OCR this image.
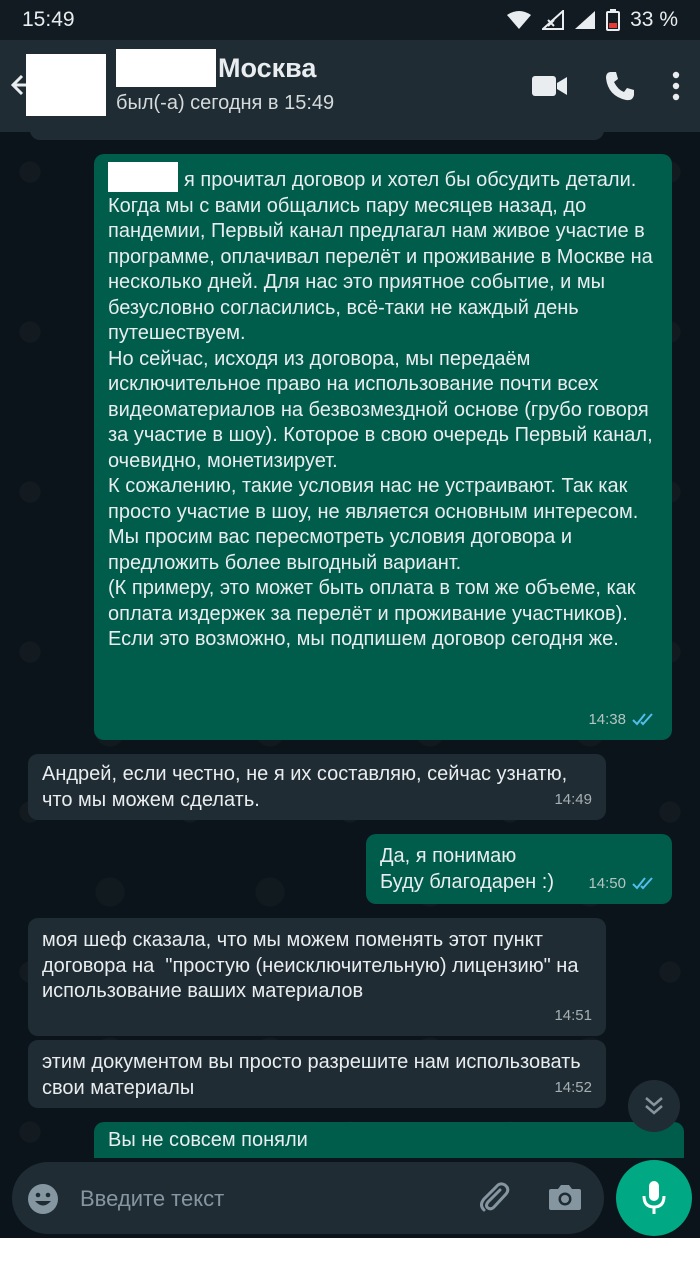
15:49	33 %
Москва
был(-а) сегодня в 15:49
я прочитал договор и хотел бы обсудить детали.
Когда мы с вами общались пару месяцев назад, до пандемии, Первый канал предлагал нам живое участие в программе, оплачивал перелёт и проживание в Москве на несколько дней. Для нас это приятное событие, и мы безусловно согласились, всё-таки не каждый день путешествуем.
Но сейчас, исходя из договора, мы передаём исключительное право на использование почти всех видеоматериалов на безвозмездной основе (грубо говоря за участие в шоу). Которое в свою очередь Первый канал, очевидно, монетизирует.
К сожалению, такие условия нас не устраивают. Так как просто участие в шоу, не является основным интересом. Мы просим вас пересмотреть условия договора и предложить более выгодный вариант.
(К примеру, это может быть оплата в том же объеме, как оплата издержек за перелёт и проживание участников). Если это возможно, мы подпишем договор сегодня же.
14:38
Андрей, если честно, не я их составляю, сейчас узнатю, что мы можем сделать.	14:49
Да, я понимаю
Буду благодарен :)	14:50
моя шеф сказала, что мы можем поменять этот пункт договора на  "простую (неисключительную) лицензию" на использование ваших материалов
14:51
этим документом вы просто разрешите нам использовать свои материалы	14:52
Вы не совсем поняли
Введите текст
